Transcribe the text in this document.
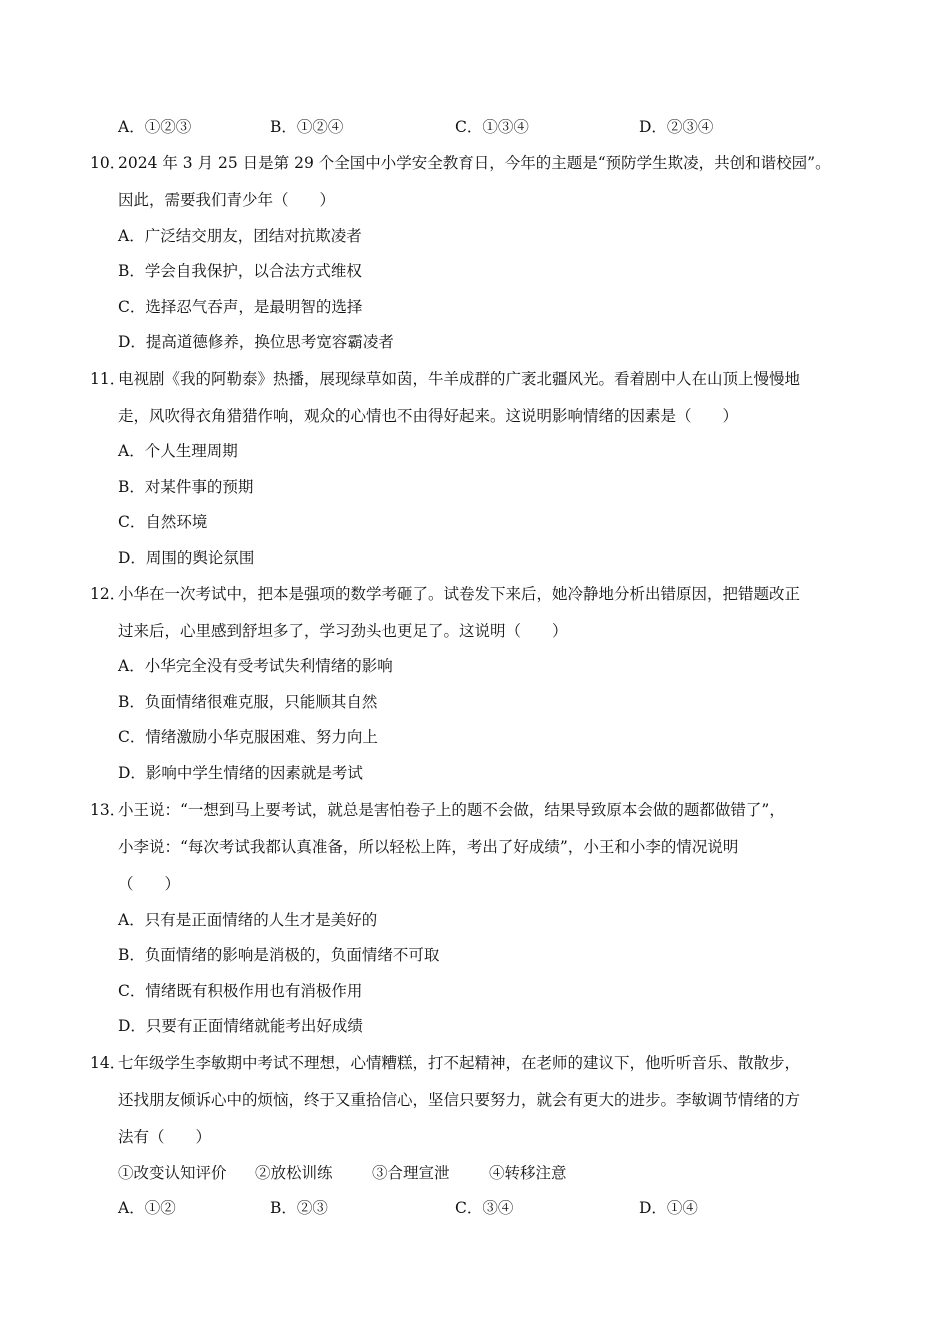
A．①②③	B．①②④	C．①③④	D．②③④
10．
2024 年 3 月 25 日是第 29 个全国中小学安全教育日，今年的主题是“预防学生欺凌，共创和谐校园”。
因此，需要我们青少年（　　）
A．广泛结交朋友，团结对抗欺凌者
B．学会自我保护，以合法方式维权
C．选择忍气吞声，是最明智的选择
D．提高道德修养，换位思考宽容霸凌者
11．
电视剧《我的阿勒泰》热播，展现绿草如茵，牛羊成群的广袤北疆风光。看着剧中人在山顶上慢慢地
走，风吹得衣角猎猎作响，观众的心情也不由得好起来。这说明影响情绪的因素是（　　）
A．个人生理周期
B．对某件事的预期
C．自然环境
D．周围的舆论氛围
12．
小华在一次考试中，把本是强项的数学考砸了。试卷发下来后，她冷静地分析出错原因，把错题改正
过来后，心里感到舒坦多了，学习劲头也更足了。这说明（　　）
A．小华完全没有受考试失利情绪的影响
B．负面情绪很难克服，只能顺其自然
C．情绪激励小华克服困难、努力向上
D．影响中学生情绪的因素就是考试
13．
小王说：“一想到马上要考试，就总是害怕卷子上的题不会做，结果导致原本会做的题都做错了”，
小李说：“每次考试我都认真准备，所以轻松上阵，考出了好成绩”，小王和小李的情况说明
（　　）
A．只有是正面情绪的人生才是美好的
B．负面情绪的影响是消极的，负面情绪不可取
C．情绪既有积极作用也有消极作用
D．只要有正面情绪就能考出好成绩
14．
七年级学生李敏期中考试不理想，心情糟糕，打不起精神，在老师的建议下，他听听音乐、散散步，
还找朋友倾诉心中的烦恼，终于又重拾信心，坚信只要努力，就会有更大的进步。李敏调节情绪的方
法有（　　）
①改变认知评价 ②放松训练	③合理宣泄	④转移注意
A．①②	B．②③	C．③④	D．①④
